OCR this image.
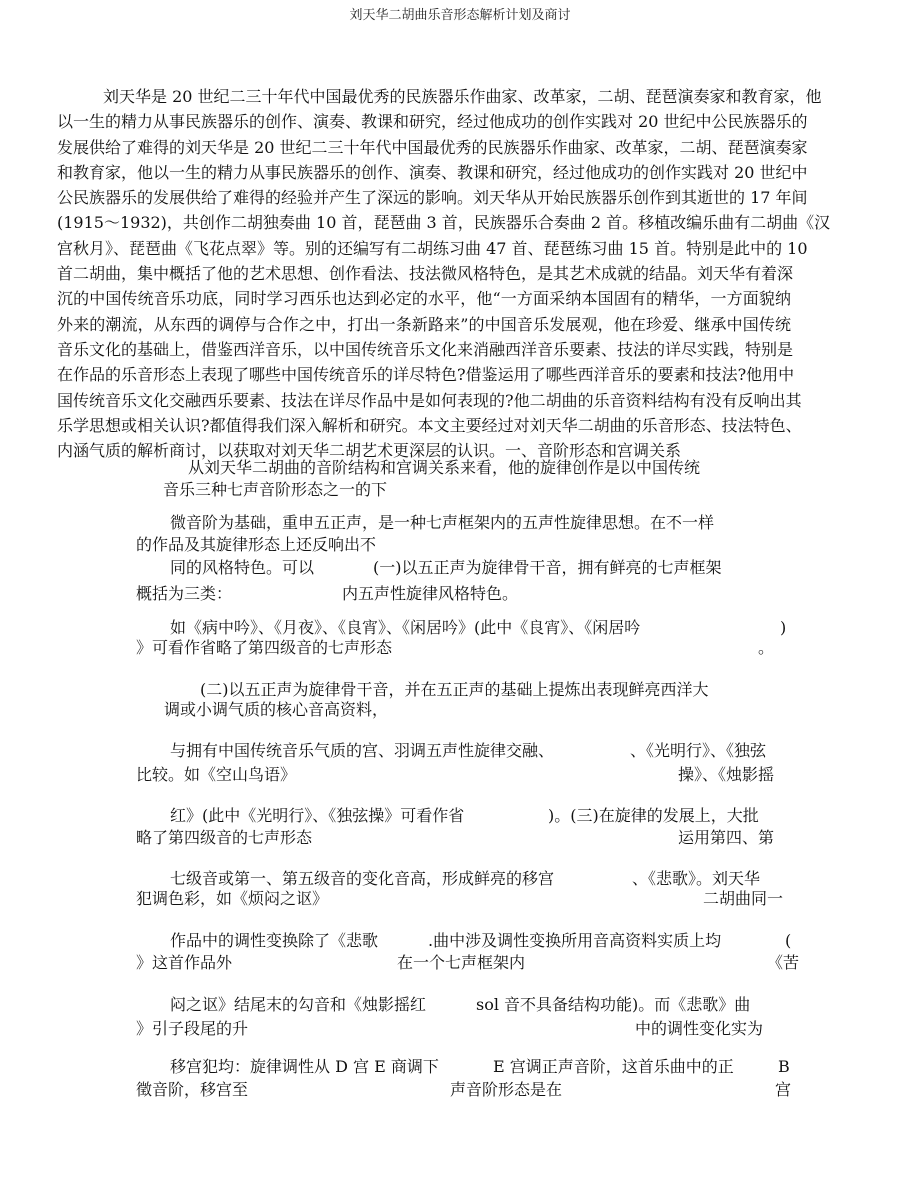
刘天华二胡曲乐音形态解析计划及商讨
刘天华是 20 世纪二三十年代中国最优秀的民族器乐作曲家、改革家，二胡、琵琶演奏家和教育家，他
以一生的精力从事民族器乐的创作、演奏、教课和研究，经过他成功的创作实践对 20 世纪中公民族器乐的
发展供给了难得的刘天华是 20 世纪二三十年代中国最优秀的民族器乐作曲家、改革家，二胡、琵琶演奏家
和教育家，他以一生的精力从事民族器乐的创作、演奏、教课和研究，经过他成功的创作实践对 20 世纪中
公民族器乐的发展供给了难得的经验并产生了深远的影响。刘天华从开始民族器乐创作到其逝世的 17 年间
(1915～1932)，共创作二胡独奏曲 10 首，琵琶曲 3 首，民族器乐合奏曲 2 首。移植改编乐曲有二胡曲《汉
宫秋月》、琵琶曲《飞花点翠》等。别的还编写有二胡练习曲 47 首、琵琶练习曲 15 首。特别是此中的 10
首二胡曲，集中概括了他的艺术思想、创作看法、技法微风格特色，是其艺术成就的结晶。刘天华有着深
沉的中国传统音乐功底，同时学习西乐也达到必定的水平，他“一方面采纳本国固有的精华，一方面貌纳
外来的潮流，从东西的调停与合作之中，打出一条新路来”的中国音乐发展观，他在珍爱、继承中国传统
音乐文化的基础上，借鉴西洋音乐，以中国传统音乐文化来消融西洋音乐要素、技法的详尽实践，特别是
在作品的乐音形态上表现了哪些中国传统音乐的详尽特色?借鉴运用了哪些西洋音乐的要素和技法?他用中
国传统音乐文化交融西乐要素、技法在详尽作品中是如何表现的?他二胡曲的乐音资料结构有没有反响出其
乐学思想或相关认识?都值得我们深入解析和研究。本文主要经过对刘天华二胡曲的乐音形态、技法特色、
内涵气质的解析商讨，以获取对刘天华二胡艺术更深层的认识。一、音阶形态和宫调关系
从刘天华二胡曲的音阶结构和宫调关系来看，他的旋律创作是以中国传统
音乐三种七声音阶形态之一的下
微音阶为基础，重申五正声，是一种七声框架内的五声性旋律思想。在不一样
的作品及其旋律形态上还反响出不
同的风格特色。可以	(一)以五正声为旋律骨干音，拥有鲜亮的七声框架
概括为三类：	内五声性旋律风格特色。
如《病中吟》、《月夜》、《良宵》、《闲居吟》(此中《良宵》、《闲居吟	)
》可看作省略了第四级音的七声形态	。
(二)以五正声为旋律骨干音，并在五正声的基础上提炼出表现鲜亮西洋大
调或小调气质的核心音高资料，
与拥有中国传统音乐气质的宫、羽调五声性旋律交融、	、《光明行》、《独弦
比较。如《空山鸟语》	操》、《烛影摇
红》(此中《光明行》、《独弦操》可看作省	)。(三)在旋律的发展上，大批
略了第四级音的七声形态	运用第四、第
七级音或第一、第五级音的变化音高，形成鲜亮的移宫	、《悲歌》。刘天华
犯调色彩，如《烦闷之讴》	二胡曲同一
作品中的调性变换除了《悲歌	.曲中涉及调性变换所用音高资料实质上均	(
》这首作品外	在一个七声框架内	《苦
闷之讴》结尾末的勾音和《烛影摇红	sol 音不具备结构功能)。而《悲歌》曲
》引子段尾的升	中的调性变化实为
移宫犯均：旋律调性从 D 宫 E 商调下	E 宫调正声音阶，这首乐曲中的正	B
徵音阶，移宫至	声音阶形态是在	宫
